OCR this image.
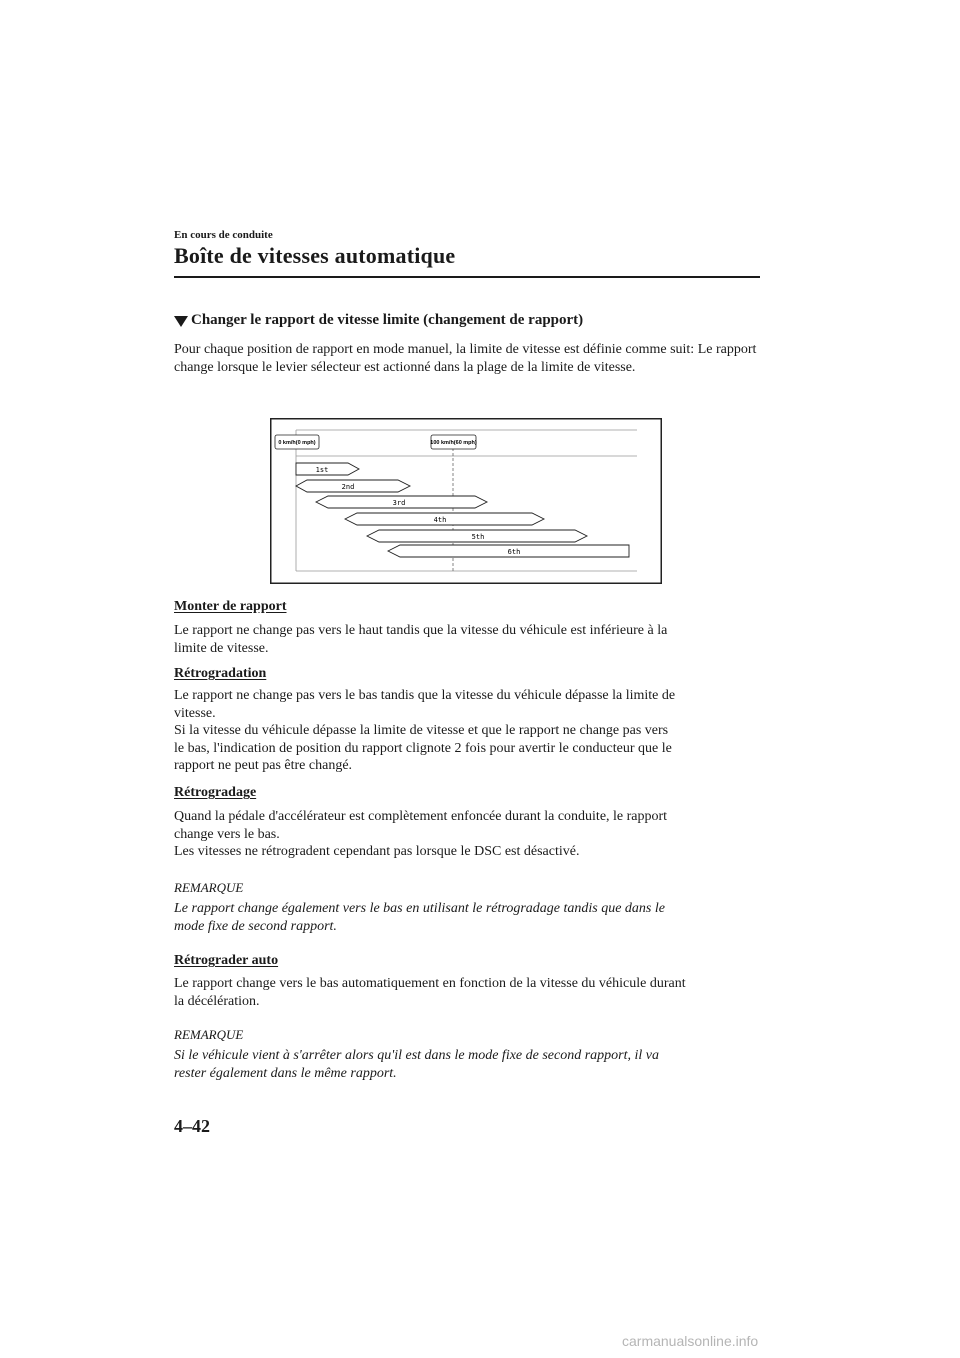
En cours de conduite
Boîte de vitesses automatique
Changer le rapport de vitesse limite (changement de rapport)
Pour chaque position de rapport en mode manuel, la limite de vitesse est définie comme suit: Le rapport change lorsque le levier sélecteur est actionné dans la plage de la limite de vitesse.
0 km/h(0 mph)	100 km/h(60 mph)
1st
2nd
3rd
4th
5th
6th
Monter de rapport
Le rapport ne change pas vers le haut tandis que la vitesse du véhicule est inférieure à la
limite de vitesse.
Rétrogradation
Le rapport ne change pas vers le bas tandis que la vitesse du véhicule dépasse la limite de
vitesse.
Si la vitesse du véhicule dépasse la limite de vitesse et que le rapport ne change pas vers
le bas, l'indication de position du rapport clignote 2 fois pour avertir le conducteur que le
rapport ne peut pas être changé.
Rétrogradage
Quand la pédale d'accélérateur est complètement enfoncée durant la conduite, le rapport
change vers le bas.
Les vitesses ne rétrogradent cependant pas lorsque le DSC est désactivé.
REMARQUE
Le rapport change également vers le bas en utilisant le rétrogradage tandis que dans le
mode fixe de second rapport.
Rétrograder auto
Le rapport change vers le bas automatiquement en fonction de la vitesse du véhicule durant
la décélération.
REMARQUE
Si le véhicule vient à s'arrêter alors qu'il est dans le mode fixe de second rapport, il va
rester également dans le même rapport.
4–42
carmanualsonline.info
